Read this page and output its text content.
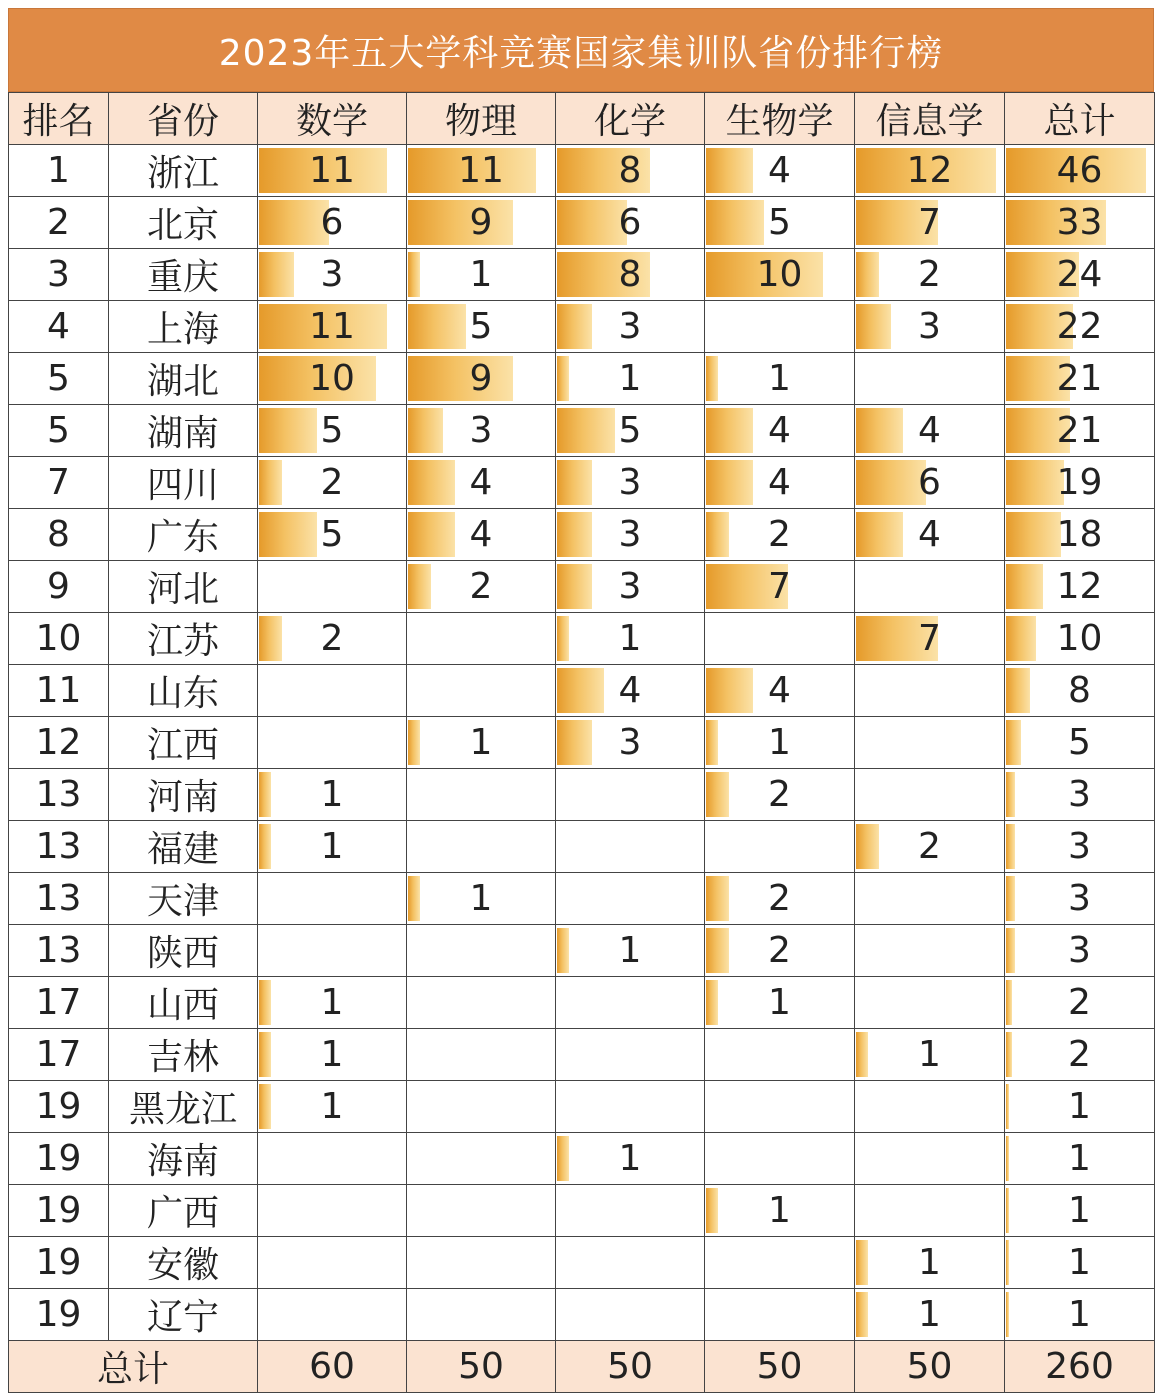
2023年五大学科竞赛国家集训队省份排行榜
排名	省份	数学	物理	化学	生物学	信息学	总计
1	浙江	11	11	8	4	12	46
2	北京	6	9	6	5	7	33
3	重庆	3	1	8	10	2	24
4	上海	11	5	3		3	22
5	湖北	10	9	1	1		21
5	湖南	5	3	5	4	4	21
7	四川	2	4	3	4	6	19
8	广东	5	4	3	2	4	18
9	河北		2	3	7		12
10	江苏	2		1		7	10
11	山东			4	4		8
12	江西		1	3	1		5
13	河南	1			2		3
13	福建	1				2	3
13	天津		1		2		3
13	陕西			1	2		3
17	山西	1			1		2
17	吉林	1				1	2
19	黑龙江	1					1
19	海南			1			1
19	广西				1		1
19	安徽					1	1
19	辽宁					1	1
总计		60	50	50	50	50	260
